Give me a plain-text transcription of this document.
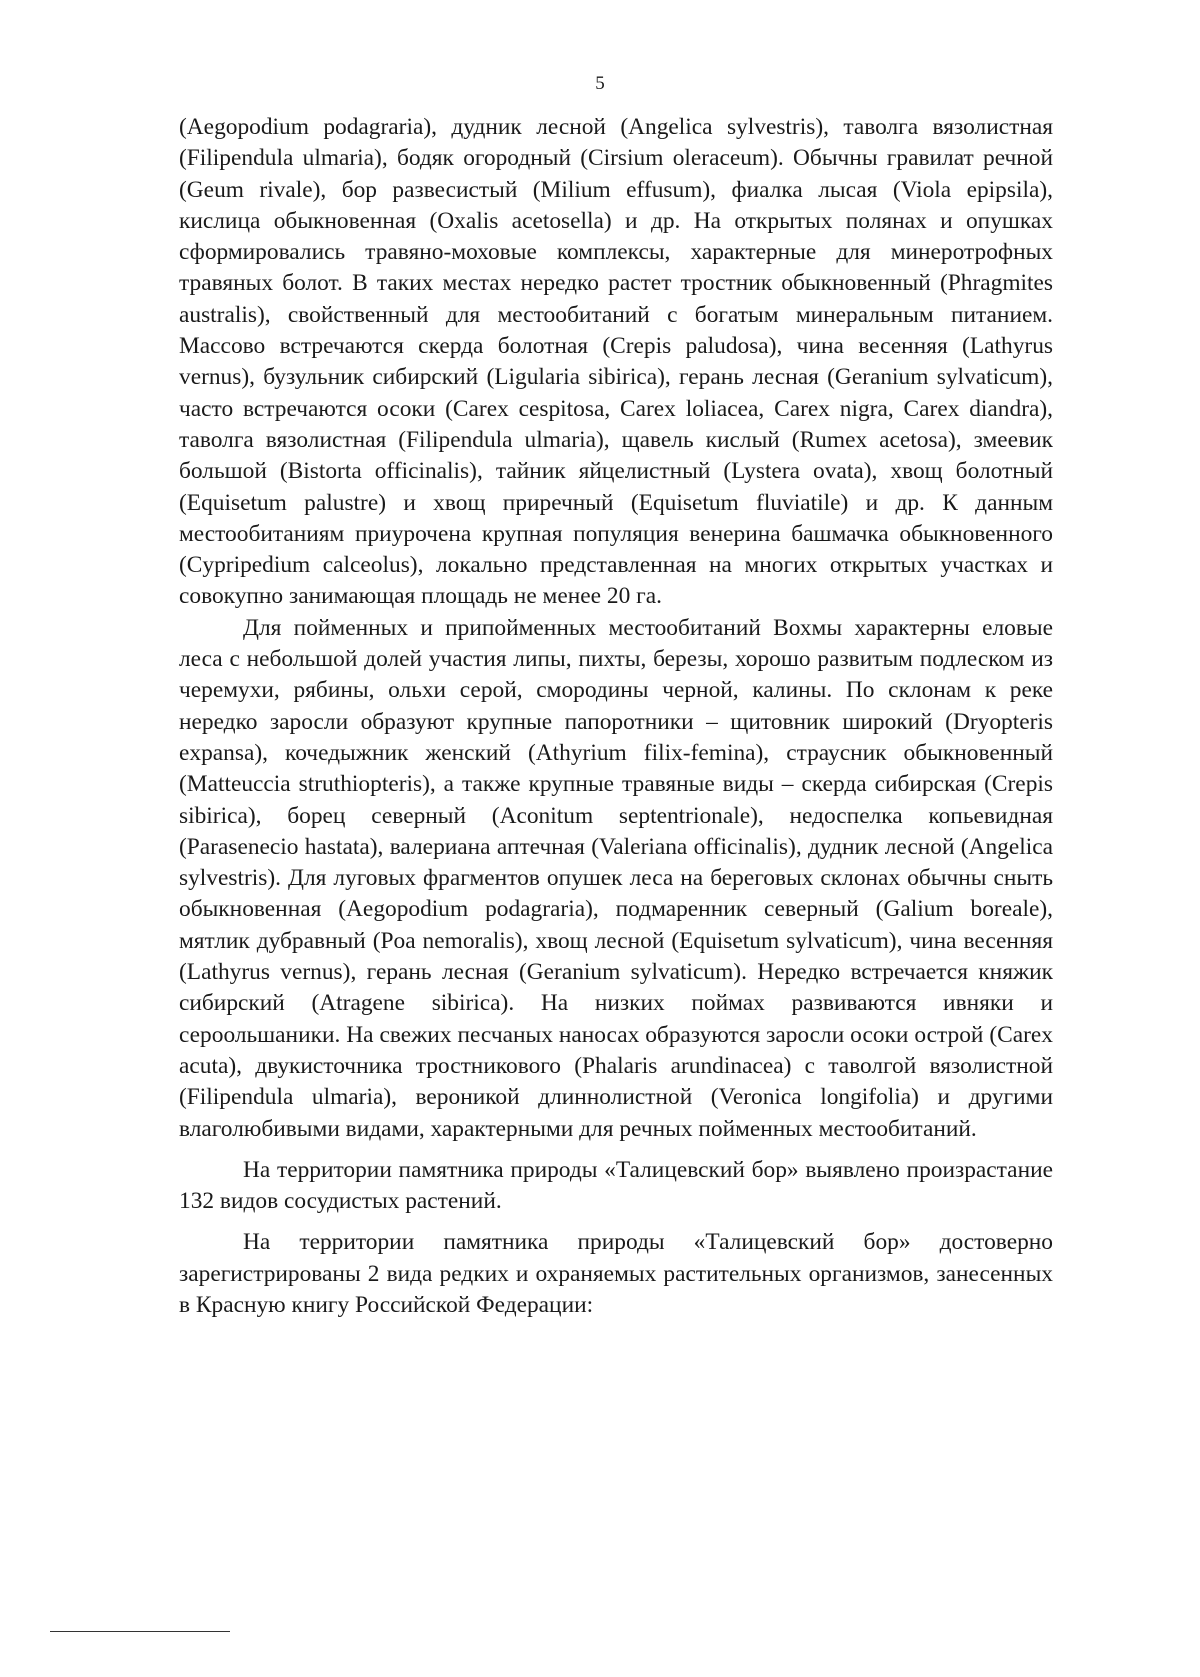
5

(Aegopodium podagraria), дудник лесной (Angelica sylvestris), таволга вязолистная (Filipendula ulmaria), бодяк огородный (Cirsium oleraceum). Обычны гравилат речной (Geum rivale), бор развесистый (Milium effusum), фиалка лысая (Viola epipsila), кислица обыкновенная (Oxalis acetosella) и др. На открытых полянах и опушках сформировались травяно-моховые комплексы, характерные для минеротрофных травяных болот. В таких местах нередко растет тростник обыкновенный (Phragmites australis), свойственный для местообитаний с богатым минеральным питанием. Массово встречаются скерда болотная (Crepis paludosa), чина весенняя (Lathyrus vernus), бузульник сибирский (Ligularia sibirica), герань лесная (Geranium sylvaticum), часто встречаются осоки (Carex cespitosa, Carex loliacea, Carex nigra, Carex diandra), таволга вязолистная (Filipendula ulmaria), щавель кислый (Rumex acetosa), змеевик большой (Bistorta officinalis), тайник яйцелистный (Lystera ovata), хвощ болотный (Equisetum palustre) и хвощ приречный (Equisetum fluviatile) и др. К данным местообитаниям приурочена крупная популяция венерина башмачка обыкновенного (Cypripedium calceolus), локально представленная на многих открытых участках и совокупно занимающая площадь не менее 20 га.

Для пойменных и припойменных местообитаний Вохмы характерны еловые леса с небольшой долей участия липы, пихты, березы, хорошо развитым подлеском из черемухи, рябины, ольхи серой, смородины черной, калины. По склонам к реке нередко заросли образуют крупные папоротники – щитовник широкий (Dryopteris expansa), кочедыжник женский (Athyrium filix-femina), страусник обыкновенный (Matteuccia struthiopteris), а также крупные травяные виды – скерда сибирская (Crepis sibirica), борец северный (Aconitum septentrionale), недоспелка копьевидная (Parasenecio hastata), валериана аптечная (Valeriana officinalis), дудник лесной (Angelica sylvestris). Для луговых фрагментов опушек леса на береговых склонах обычны сныть обыкновенная (Aegopodium podagraria), подмаренник северный (Galium boreale), мятлик дубравный (Poa nemoralis), хвощ лесной (Equisetum sylvaticum), чина весенняя (Lathyrus vernus), герань лесная (Geranium sylvaticum). Нередко встречается княжик сибирский (Atragene sibirica). На низких поймах развиваются ивняки и сероольшаники. На свежих песчаных наносах образуются заросли осоки острой (Carex acuta), двукисточника тростникового (Phalaris arundinacea) с таволгой вязолистной (Filipendula ulmaria), вероникой длиннолистной (Veronica longifolia) и другими влаголюбивыми видами, характерными для речных пойменных местообитаний.

На территории памятника природы «Талицевский бор» выявлено произрастание 132 видов сосудистых растений.

На территории памятника природы «Талицевский бор» достоверно зарегистрированы 2 вида редких и охраняемых растительных организмов, занесенных в Красную книгу Российской Федерации:
